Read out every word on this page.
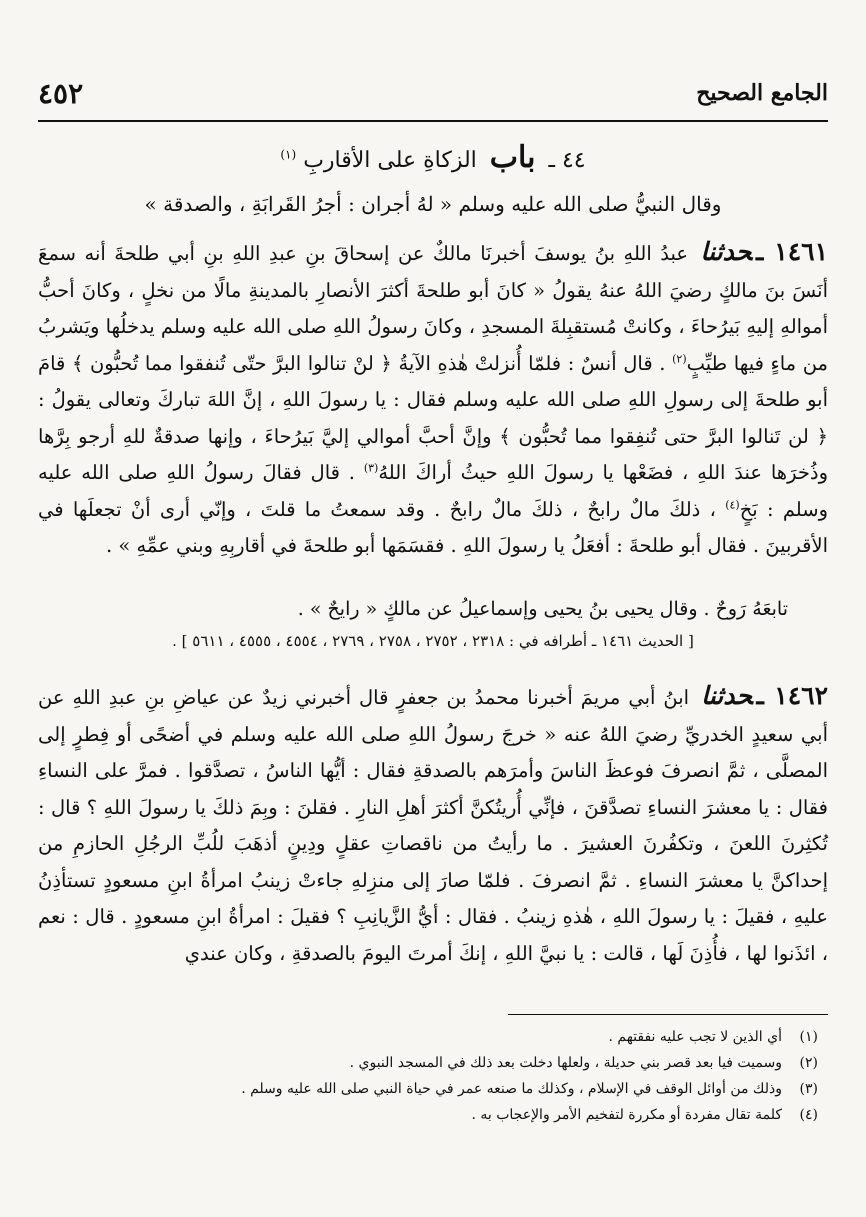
الجامع الصحيح
٤٥٢
٤٤ ـ باب الزكاةِ على الأقاربِ $^{(١)}$
وقال النبيُّ صلى الله عليه وسلم « لهُ أجران : أجرُ القَرابَةِ ، والصدقة »
١٤٦١ ـحدثنا عبدُ اللهِ بنُ يوسفَ أخبرنَا مالكٌ عن إسحاقَ بنِ عبدِ اللهِ بنِ أبي طلحةَ أنه سمعَ أنَسَ بنَ مالكٍ رضيَ اللهُ عنهُ يقولُ « كانَ أبو طلحةَ أكثرَ الأنصارِ بالمدينةِ مالًا من نخلٍ ، وكانَ أحبُّ أموالهِ إليهِ بَيرُحاءَ ، وكانتْ مُستقبِلةَ المسجدِ ، وكانَ رسولُ اللهِ صلى الله عليه وسلم يدخلُها ويَشربُ من ماءٍ فيها طيِّبٍ$^{(٢)}$ . قال أنسٌ : فلمّا أُنزلتْ هٰذهِ الآيةُ ﴿ لنْ تنالوا البرَّ حتّى تُنفقوا مما تُحبُّون ﴾ قامَ أبو طلحةَ إلى رسولِ اللهِ صلى الله عليه وسلم فقال : يا رسولَ اللهِ ، إنَّ اللهَ تباركَ وتعالى يقولُ : ﴿ لن تَنالوا البرَّ حتى تُنفِقوا مما تُحبُّون ﴾ وإنَّ أحبَّ أموالي إليَّ بَيرُحاءَ ، وإنها صدقةٌ للهِ أرجو بِرَّها وذُخرَها عندَ اللهِ ، فضَعْها يا رسولَ اللهِ حيثُ أراكَ اللهُ$^{(٣)}$ . قال فقالَ رسولُ اللهِ صلى الله عليه وسلم : بَخٍ$^{(٤)}$ ، ذلكَ مالٌ رابحٌ ، ذلكَ مالٌ رابحٌ . وقد سمعتُ ما قلتَ ، وإنّي أرى أنْ تجعلَها في الأقربينَ . فقال أبو طلحةَ : أفعَلُ يا رسولَ اللهِ . فقسَمَها أبو طلحةَ في أقاربِهِ وبني عمِّهِ » .
تابعَهُ رَوحٌ . وقال يحيى بنُ يحيى وإسماعيلُ عن مالكٍ « رايحٌ » .
[ الحديث ١٤٦١ ـ أطرافه في : ٢٣١٨ ، ٢٧٥٢ ، ٢٧٥٨ ، ٢٧٦٩ ، ٤٥٥٤ ، ٤٥٥٥ ، ٥٦١١ ] .
١٤٦٢ ـحدثنا ابنُ أبي مريمَ أخبرنا محمدُ بن جعفرٍ قال أخبرني زيدٌ عن عياضِ بنِ عبدِ اللهِ عن أبي سعيدٍ الخدريِّ رضيَ اللهُ عنه « خرجَ رسولُ اللهِ صلى الله عليه وسلم في أضحًى أو فِطرٍ إلى المصلَّى ، ثمَّ انصرفَ فوعظَ الناسَ وأمرَهم بالصدقةِ فقال : أيُّها الناسُ ، تصدَّقوا . فمرَّ على النساءِ فقال : يا معشرَ النساءِ تصدَّقنَ ، فإنِّي أُريتُكنَّ أكثرَ أهلِ النارِ . فقلنَ : وبِمَ ذلكَ يا رسولَ اللهِ ؟ قال : تُكثِرنَ اللعنَ ، وتكفُرنَ العشيرَ . ما رأيتُ من ناقصاتِ عقلٍ ودِينٍ أذهَبَ للُبِّ الرجُلِ الحازمِ من إحداكنَّ يا معشرَ النساءِ . ثمَّ انصرفَ . فلمّا صارَ إلى منزِلهِ جاءتْ زينبُ امرأةُ ابنِ مسعودٍ تستأذِنُ عليهِ ، فقيلَ : يا رسولَ اللهِ ، هٰذهِ زينبُ . فقال : أيُّ الزَّيانِبِ ؟ فقيلَ : امرأةُ ابنِ مسعودٍ . قال : نعم ، ائذَنوا لها ، فأُذِنَ لَها ، قالت : يا نبيَّ اللهِ ، إنكَ أمرتَ اليومَ بالصدقةِ ، وكان عندي
(١)أي الذين لا تجب عليه نفقتهم .
(٢)وسميت فيا بعد قصر بني حديلة ، ولعلها دخلت بعد ذلك في المسجد النبوي .
(٣)وذلك من أوائل الوقف في الإسلام ، وكذلك ما صنعه عمر في حياة النبي صلى الله عليه وسلم .
(٤)كلمة تقال مفردة أو مكررة لتفخيم الأمر والإعجاب به .
